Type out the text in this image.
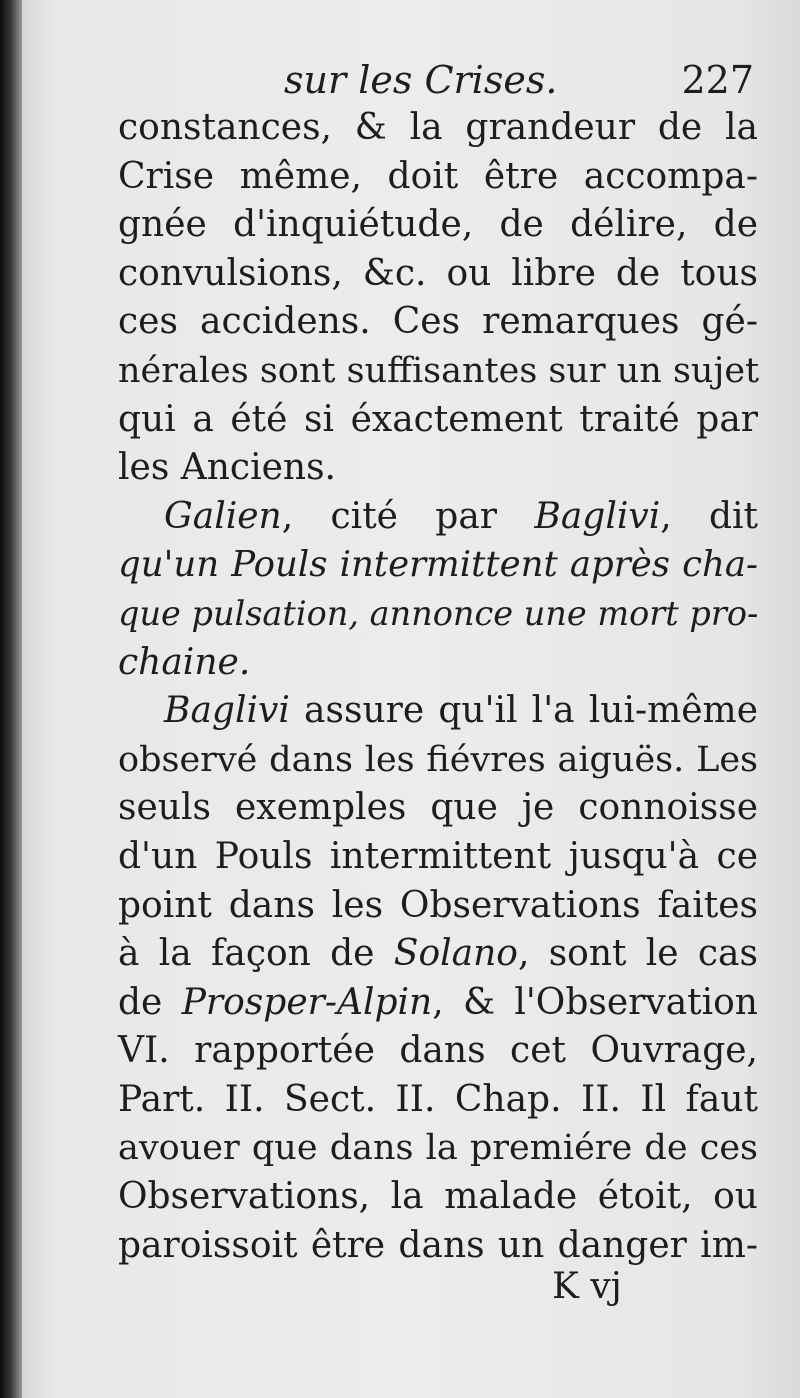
sur les Crises.	227
constances, & la grandeur de la
Crise même, doit être accompa-
gnée d'inquiétude, de délire, de
convulsions, &c. ou libre de tous
ces accidens. Ces remarques gé-
nérales sont suffisantes sur un sujet
qui a été si éxactement traité par
les Anciens.
Galien, cité par Baglivi, dit
qu'un Pouls intermittent après cha-
que pulsation, annonce une mort pro-
chaine.
Baglivi assure qu'il l'a lui-même
observé dans les fiévres aiguës. Les
seuls exemples que je connoisse
d'un Pouls intermittent jusqu'à ce
point dans les Observations faites
à la façon de Solano, sont le cas
de Prosper-Alpin, & l'Observation
VI. rapportée dans cet Ouvrage,
Part. II. Sect. II. Chap. II. Il faut
avouer que dans la premiére de ces
Observations, la malade étoit, ou
paroissoit être dans un danger im-
K vj
